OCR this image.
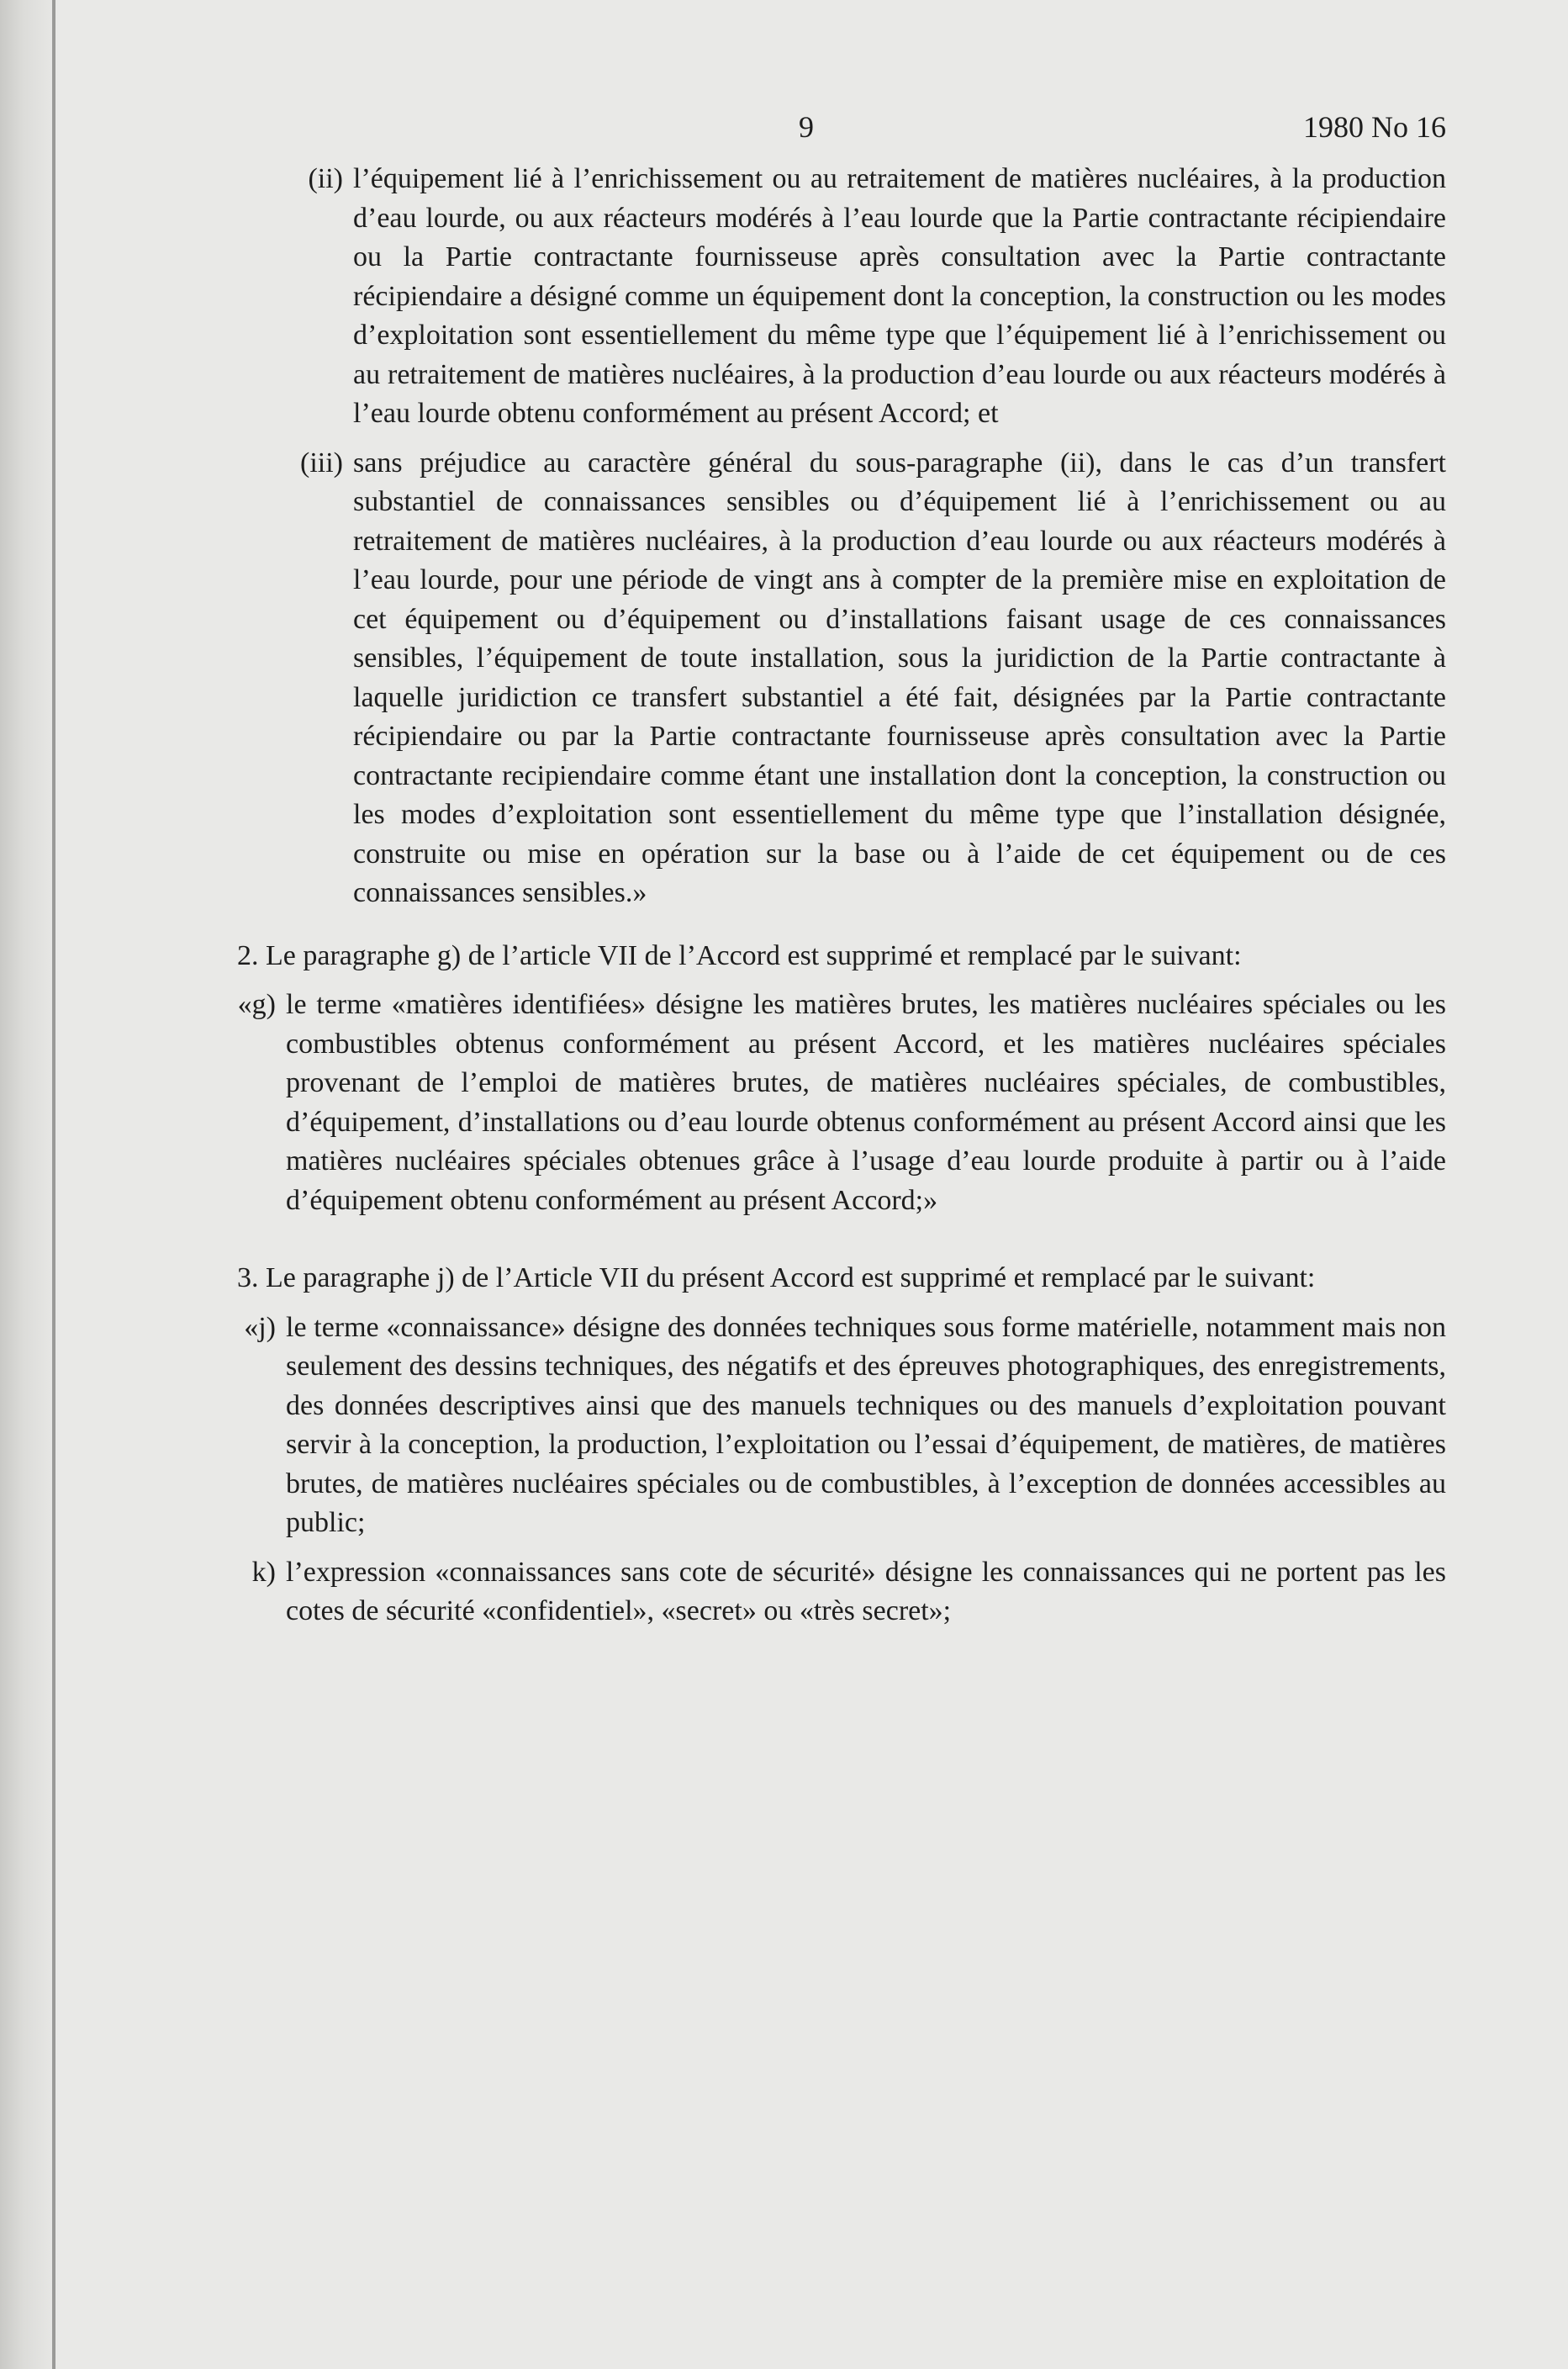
9	1980 No 16
(ii) l’équipement lié à l’enrichissement ou au retraitement de matières nucléaires, à la production d’eau lourde, ou aux réacteurs modérés à l’eau lourde que la Partie contractante récipiendaire ou la Partie contractante fournisseuse après consultation avec la Partie contractante récipiendaire a désigné comme un équipement dont la conception, la construction ou les modes d’exploitation sont essentiellement du même type que l’équipement lié à l’enrichissement ou au retraitement de matières nucléaires, à la production d’eau lourde ou aux réacteurs modérés à l’eau lourde obtenu conformément au présent Accord; et
(iii) sans préjudice au caractère général du sous-paragraphe (ii), dans le cas d’un transfert substantiel de connaissances sensibles ou d’équipement lié à l’enrichissement ou au retraitement de matières nucléaires, à la production d’eau lourde ou aux réacteurs modérés à l’eau lourde, pour une période de vingt ans à compter de la première mise en exploitation de cet équipement ou d’équipement ou d’installations faisant usage de ces connaissances sensibles, l’équipement de toute installation, sous la juridiction de la Partie contractante à laquelle juridiction ce transfert substantiel a été fait, désignées par la Partie contractante récipiendaire ou par la Partie contractante fournisseuse après consultation avec la Partie contractante recipiendaire comme étant une installation dont la conception, la construction ou les modes d’exploitation sont essentiellement du même type que l’installation désignée, construite ou mise en opération sur la base ou à l’aide de cet équipement ou de ces connaissances sensibles.»

2. Le paragraphe g) de l’article VII de l’Accord est supprimé et remplacé par le suivant:

«g) le terme «matières identifiées» désigne les matières brutes, les matières nucléaires spéciales ou les combustibles obtenus conformément au présent Accord, et les matières nucléaires spéciales provenant de l’emploi de matières brutes, de matières nucléaires spéciales, de combustibles, d’équipement, d’installations ou d’eau lourde obtenus conformément au présent Accord ainsi que les matières nucléaires spéciales obtenues grâce à l’usage d’eau lourde produite à partir ou à l’aide d’équipement obtenu conformément au présent Accord;»

3. Le paragraphe j) de l’Article VII du présent Accord est supprimé et remplacé par le suivant:

«j) le terme «connaissance» désigne des données techniques sous forme matérielle, notamment mais non seulement des dessins techniques, des négatifs et des épreuves photographiques, des enregistrements, des données descriptives ainsi que des manuels techniques ou des manuels d’exploitation pouvant servir à la conception, la production, l’exploitation ou l’essai d’équipement, de matières, de matières brutes, de matières nucléaires spéciales ou de combustibles, à l’exception de données accessibles au public;
k) l’expression «connaissances sans cote de sécurité» désigne les connaissances qui ne portent pas les cotes de sécurité «confidentiel», «secret» ou «très secret»;
